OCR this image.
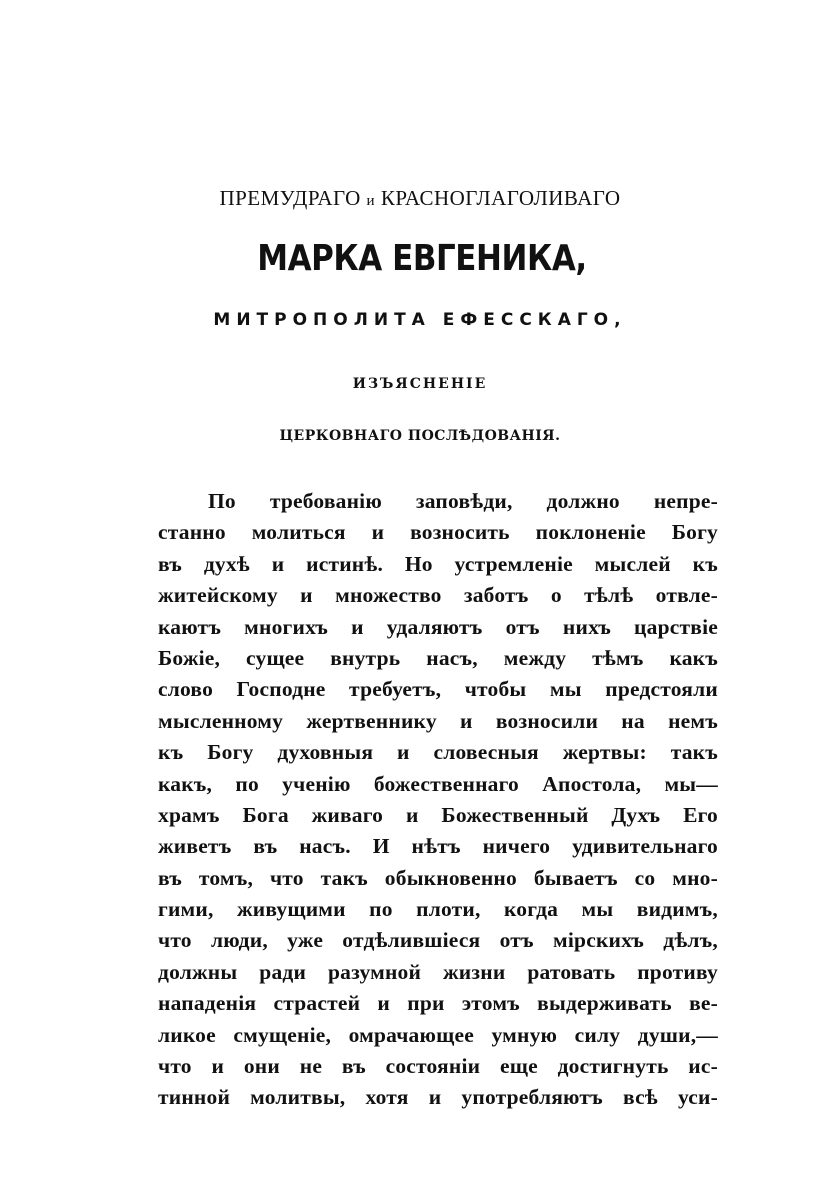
ПРЕМУДРАГО и КРАСНОГЛАГОЛИВАГО
МАРКА ЕВГЕНИКА,
МИТРОПОЛИТА ЕФЕССКАГО,
ИЗЪЯСНЕНІЕ
ЦЕРКОВНАГО ПОСЛѢДОВАНІЯ.
По требованію заповѣди, должно непре-
станно молиться и возносить поклоненіе Богу
въ духѣ и истинѣ. Но устремленіе мыслей къ
житейскому и множество заботъ о тѣлѣ отвле-
каютъ многихъ и удаляютъ отъ нихъ царствіе
Божіе, сущее внутрь насъ, между тѣмъ какъ
слово Господне требуетъ, чтобы мы предстояли
мысленному жертвеннику и возносили на немъ
къ Богу духовныя и словесныя жертвы: такъ
какъ, по ученію божественнаго Апостола, мы—
храмъ Бога живаго и Божественный Духъ Его
живетъ въ насъ. И нѣтъ ничего удивительнаго
въ томъ, что такъ обыкновенно бываетъ со мно-
гими, живущими по плоти, когда мы видимъ,
что люди, уже отдѣлившіеся отъ мірскихъ дѣлъ,
должны ради разумной жизни ратовать противу
нападенія страстей и при этомъ выдерживать ве-
ликое смущеніе, омрачающее умную силу души,—
что и они не въ состояніи еще достигнуть ис-
тинной молитвы, хотя и употребляютъ всѣ уси-
